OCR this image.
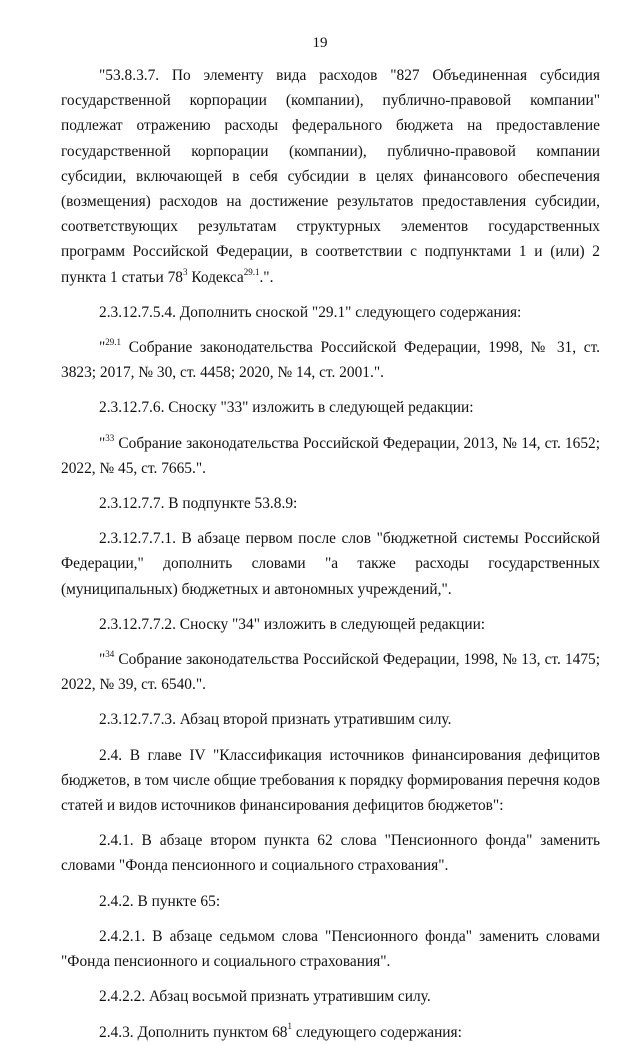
19

"53.8.3.7. По элементу вида расходов "827 Объединенная субсидия государственной корпорации (компании), публично-правовой компании" подлежат отражению расходы федерального бюджета на предоставление государственной корпорации (компании), публично-правовой компании субсидии, включающей в себя субсидии в целях финансового обеспечения (возмещения) расходов на достижение результатов предоставления субсидии, соответствующих результатам структурных элементов государственных программ Российской Федерации, в соответствии с подпунктами 1 и (или) 2 пункта 1 статьи $78^3$ Кодекса$^{29.1}$.".

2.3.12.7.5.4. Дополнить сноской "29.1" следующего содержания:

"$^{29.1}$ Собрание законодательства Российской Федерации, 1998, № 31, ст. 3823; 2017, № 30, ст. 4458; 2020, № 14, ст. 2001.".

2.3.12.7.6. Сноску "33" изложить в следующей редакции:

"$^{33}$ Собрание законодательства Российской Федерации, 2013, № 14, ст. 1652; 2022, № 45, ст. 7665.".

2.3.12.7.7. В подпункте 53.8.9:

2.3.12.7.7.1. В абзаце первом после слов "бюджетной системы Российской Федерации," дополнить словами "а также расходы государственных (муниципальных) бюджетных и автономных учреждений,".

2.3.12.7.7.2. Сноску "34" изложить в следующей редакции:

"$^{34}$ Собрание законодательства Российской Федерации, 1998, № 13, ст. 1475; 2022, № 39, ст. 6540.".

2.3.12.7.7.3. Абзац второй признать утратившим силу.

2.4. В главе IV "Классификация источников финансирования дефицитов бюджетов, в том числе общие требования к порядку формирования перечня кодов статей и видов источников финансирования дефицитов бюджетов":

2.4.1. В абзаце втором пункта 62 слова "Пенсионного фонда" заменить словами "Фонда пенсионного и социального страхования".

2.4.2. В пункте 65:

2.4.2.1. В абзаце седьмом слова "Пенсионного фонда" заменить словами "Фонда пенсионного и социального страхования".

2.4.2.2. Абзац восьмой признать утратившим силу.

2.4.3. Дополнить пунктом $68^1$ следующего содержания:
